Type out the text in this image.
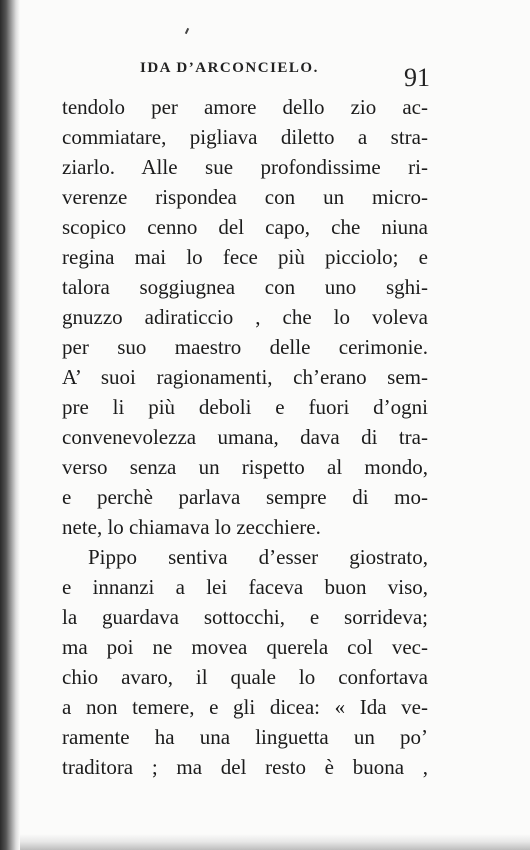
IDA D’ARCONCIELO.	91
tendolo per amore dello zio ac-
commiatare, pigliava diletto a stra-
ziarlo. Alle sue profondissime ri-
verenze rispondea con un micro-
scopico cenno del capo, che niuna
regina mai lo fece più picciolo; e
talora soggiugnea con uno sghi-
gnuzzo adiraticcio , che lo voleva
per suo maestro delle cerimonie.
A’ suoi ragionamenti, ch’erano sem-
pre li più deboli e fuori d’ogni
convenevolezza umana, dava di tra-
verso senza un rispetto al mondo,
e perchè parlava sempre di mo-
nete, lo chiamava lo zecchiere.
Pippo sentiva d’esser giostrato,
e innanzi a lei faceva buon viso,
la guardava sottocchi, e sorrideva;
ma poi ne movea querela col vec-
chio avaro, il quale lo confortava
a non temere, e gli dicea: « Ida ve-
ramente ha una linguetta un po’
traditora ; ma del resto è buona ,
